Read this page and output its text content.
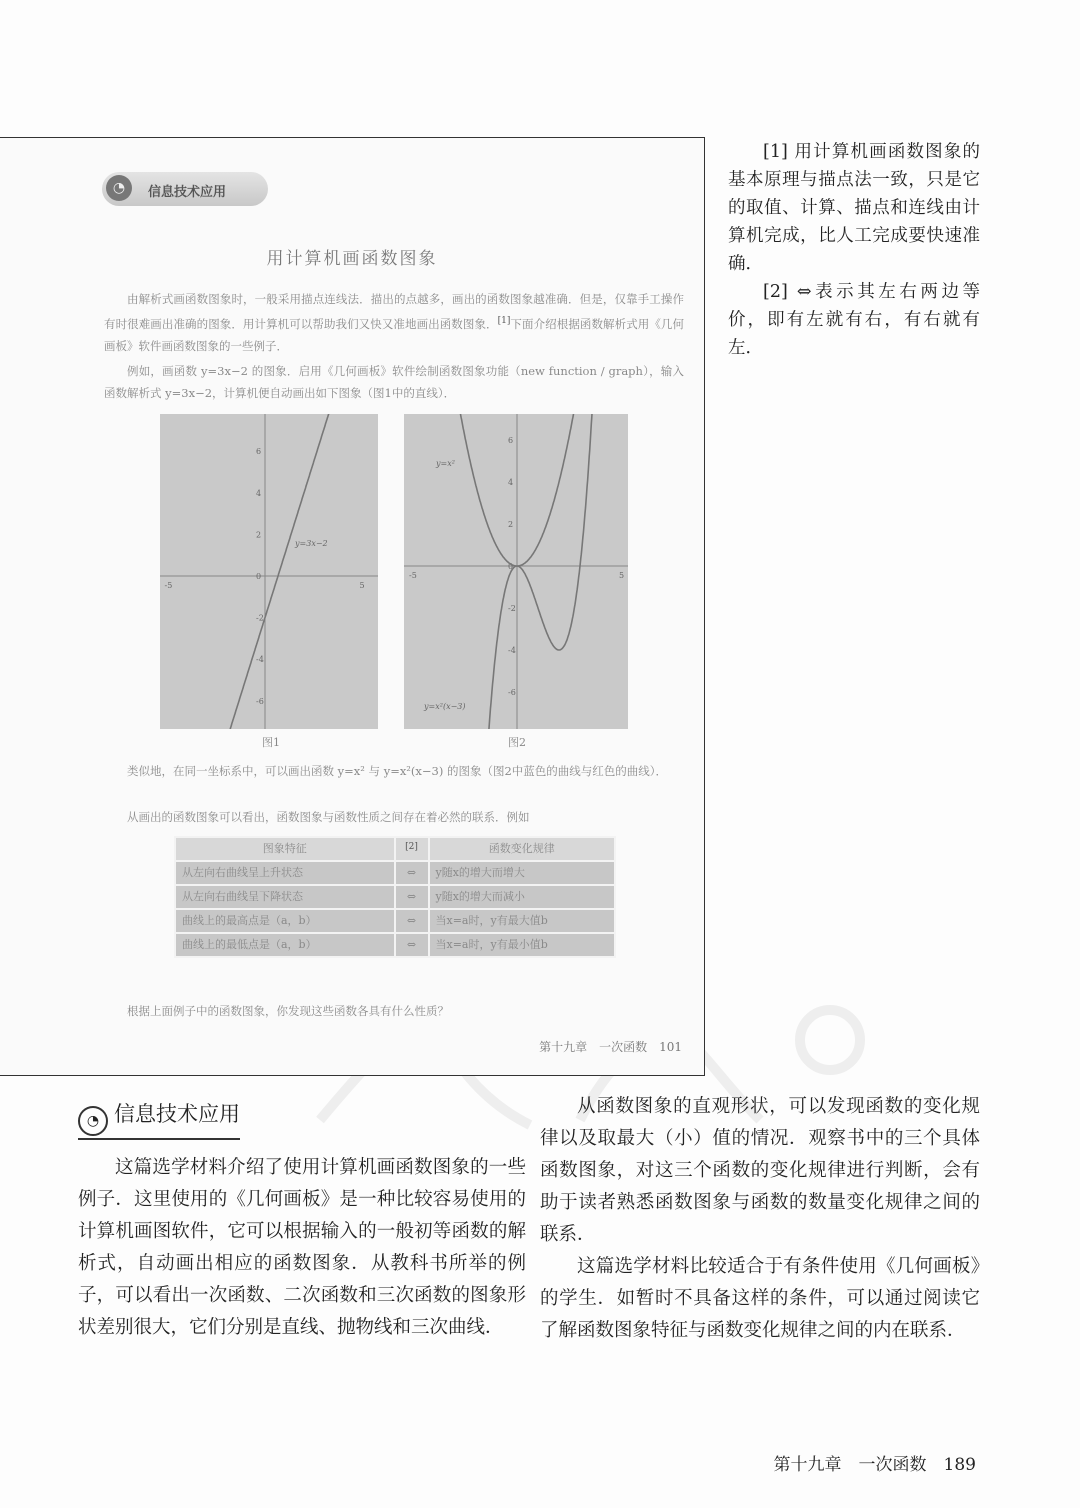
◔	信息技术应用
用计算机画函数图象
由解析式画函数图象时，一般采用描点连线法．描出的点越多，画出的函数图象越准确．但是，仅靠手工操作有时很难画出准确的图象．用计算机可以帮助我们又快又准地画出函数图象．[1]下面介绍根据函数解析式用《几何画板》软件画函数图象的一些例子．
例如，画函数 y=3x−2 的图象．启用《几何画板》软件绘制函数图象功能（new function / graph），输入函数解析式 y=3x−2，计算机便自动画出如下图象（图1中的直线）．
-5	5
6
4
2
0
-2
-4
-6
y=3x−2
-5	5
6
4
2
0
-2
-4
-6
y=x²
y=x²(x−3)
图1	图2
类似地，在同一坐标系中，可以画出函数 y=x² 与 y=x²(x−3) 的图象（图2中蓝色的曲线与红色的曲线）．
从画出的函数图象可以看出，函数图象与函数性质之间存在着必然的联系．例如
图象特征	[2]	函数变化规律
从左向右曲线呈上升状态	⇔	y随x的增大而增大
从左向右曲线呈下降状态	⇔	y随x的增大而减小
曲线上的最高点是（a，b）	⇔	当x=a时，y有最大值b
曲线上的最低点是（a，b）	⇔	当x=a时，y有最小值b
根据上面例子中的函数图象，你发现这些函数各具有什么性质？
第十九章　一次函数　101

[1] 用计算机画函数图象的基本原理与描点法一致，只是它的取值、计算、描点和连线由计算机完成，比人工完成要快速准确．

[2] ⇔表示其左右两边等价，即有左就有右，有右就有左．

◔ 信息技术应用

这篇选学材料介绍了使用计算机画函数图象的一些例子．这里使用的《几何画板》是一种比较容易使用的计算机画图软件，它可以根据输入的一般初等函数的解析式，自动画出相应的函数图象．从教科书所举的例子，可以看出一次函数、二次函数和三次函数的图象形状差别很大，它们分别是直线、抛物线和三次曲线．

从函数图象的直观形状，可以发现函数的变化规律以及取最大（小）值的情况．观察书中的三个具体函数图象，对这三个函数的变化规律进行判断，会有助于读者熟悉函数图象与函数的数量变化规律之间的联系．

这篇选学材料比较适合于有条件使用《几何画板》的学生．如暂时不具备这样的条件，可以通过阅读它了解函数图象特征与函数变化规律之间的内在联系．

第十九章　一次函数　189
